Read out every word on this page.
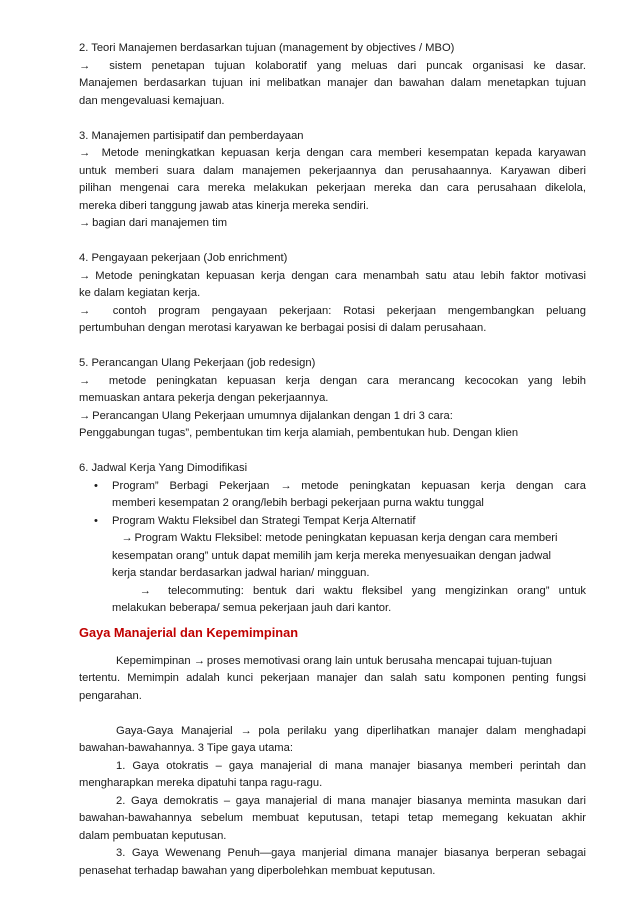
2. Teori Manajemen berdasarkan tujuan (management by objectives / MBO)
→ sistem penetapan tujuan kolaboratif yang meluas dari puncak organisasi ke dasar.
Manajemen berdasarkan tujuan ini melibatkan manajer dan bawahan dalam menetapkan tujuan
dan mengevaluasi kemajuan.
3. Manajemen partisipatif dan pemberdayaan
→ Metode meningkatkan kepuasan kerja dengan cara memberi kesempatan kepada karyawan
untuk memberi suara dalam manajemen pekerjaannya dan perusahaannya. Karyawan diberi
pilihan mengenai cara mereka melakukan pekerjaan mereka dan cara perusahaan dikelola,
mereka diberi tanggung jawab atas kinerja mereka sendiri.
→ bagian dari manajemen tim
4. Pengayaan pekerjaan (Job enrichment)
→ Metode peningkatan kepuasan kerja dengan cara menambah satu atau lebih faktor motivasi
ke dalam kegiatan kerja.
→ contoh program pengayaan pekerjaan: Rotasi pekerjaan mengembangkan peluang
pertumbuhan dengan merotasi karyawan ke berbagai posisi di dalam perusahaan.
5. Perancangan Ulang Pekerjaan (job redesign)
→ metode peningkatan kepuasan kerja dengan cara merancang kecocokan yang lebih
memuaskan antara pekerja dengan pekerjaannya.
→ Perancangan Ulang Pekerjaan umumnya dijalankan dengan 1 dri 3 cara:
Penggabungan tugas”, pembentukan tim kerja alamiah, pembentukan hub. Dengan klien
6. Jadwal Kerja Yang Dimodifikasi
• Program” Berbagi Pekerjaan → metode peningkatan kepuasan kerja dengan cara
memberi kesempatan 2 orang/lebih berbagi pekerjaan purna waktu tunggal
• Program Waktu Fleksibel dan Strategi Tempat Kerja Alternatif
→ Program Waktu Fleksibel: metode peningkatan kepuasan kerja dengan cara memberi
kesempatan orang” untuk dapat memilih jam kerja mereka menyesuaikan dengan jadwal
kerja standar berdasarkan jadwal harian/ mingguan.
→ telecommuting: bentuk dari waktu fleksibel yang mengizinkan orang” untuk
melakukan beberapa/ semua pekerjaan jauh dari kantor.
Gaya Manajerial dan Kepemimpinan
Kepemimpinan → proses memotivasi orang lain untuk berusaha mencapai tujuan-tujuan
tertentu. Memimpin adalah kunci pekerjaan manajer dan salah satu komponen penting fungsi
pengarahan.
Gaya-Gaya Manajerial → pola perilaku yang diperlihatkan manajer dalam menghadapi
bawahan-bawahannya. 3 Tipe gaya utama:
1. Gaya otokratis – gaya manajerial di mana manajer biasanya memberi perintah dan
mengharapkan mereka dipatuhi tanpa ragu-ragu.
2. Gaya demokratis – gaya manajerial di mana manajer biasanya meminta masukan dari
bawahan-bawahannya sebelum membuat keputusan, tetapi tetap memegang kekuatan akhir
dalam pembuatan keputusan.
3. Gaya Wewenang Penuh—gaya manjerial dimana manajer biasanya berperan sebagai
penasehat terhadap bawahan yang diperbolehkan membuat keputusan.
